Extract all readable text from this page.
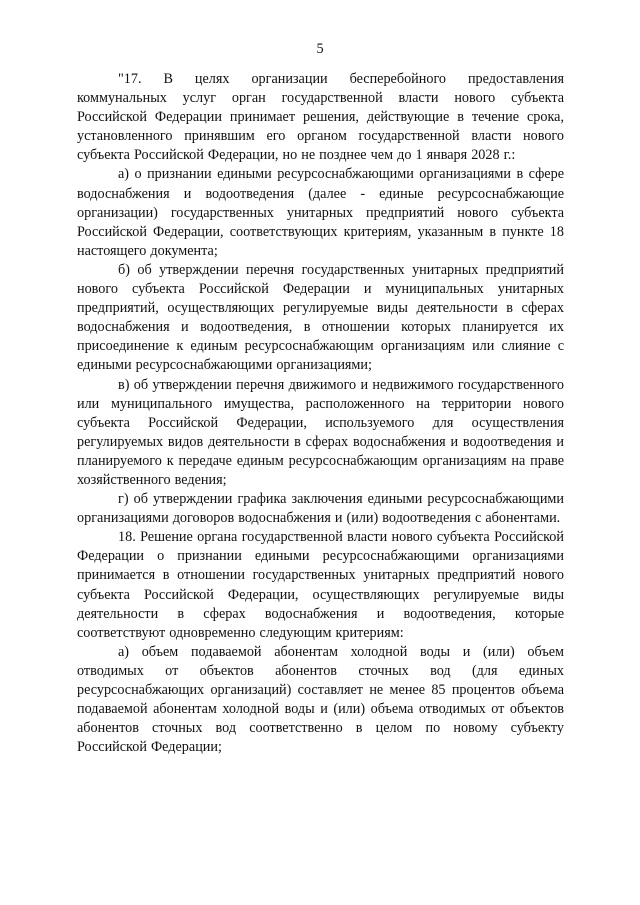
5

"17. В целях организации бесперебойного предоставления коммунальных услуг орган государственной власти нового субъекта Российской Федерации принимает решения, действующие в течение срока, установленного принявшим его органом государственной власти нового субъекта Российской Федерации, но не позднее чем до 1 января 2028 г.:

а) о признании едиными ресурсоснабжающими организациями в сфере водоснабжения и водоотведения (далее - единые ресурсоснабжающие организации) государственных унитарных предприятий нового субъекта Российской Федерации, соответствующих критериям, указанным в пункте 18 настоящего документа;

б) об утверждении перечня государственных унитарных предприятий нового субъекта Российской Федерации и муниципальных унитарных предприятий, осуществляющих регулируемые виды деятельности в сферах водоснабжения и водоотведения, в отношении которых планируется их присоединение к единым ресурсоснабжающим организациям или слияние с едиными ресурсоснабжающими организациями;

в) об утверждении перечня движимого и недвижимого государственного или муниципального имущества, расположенного на территории нового субъекта Российской Федерации, используемого для осуществления регулируемых видов деятельности в сферах водоснабжения и водоотведения и планируемого к передаче единым ресурсоснабжающим организациям на праве хозяйственного ведения;

г) об утверждении графика заключения едиными ресурсоснабжающими организациями договоров водоснабжения и (или) водоотведения с абонентами.

18. Решение органа государственной власти нового субъекта Российской Федерации о признании едиными ресурсоснабжающими организациями принимается в отношении государственных унитарных предприятий нового субъекта Российской Федерации, осуществляющих регулируемые виды деятельности в сферах водоснабжения и водоотведения, которые соответствуют одновременно следующим критериям:

а) объем подаваемой абонентам холодной воды и (или) объем отводимых от объектов абонентов сточных вод (для единых ресурсоснабжающих организаций) составляет не менее 85 процентов объема подаваемой абонентам холодной воды и (или) объема отводимых от объектов абонентов сточных вод соответственно в целом по новому субъекту Российской Федерации;
